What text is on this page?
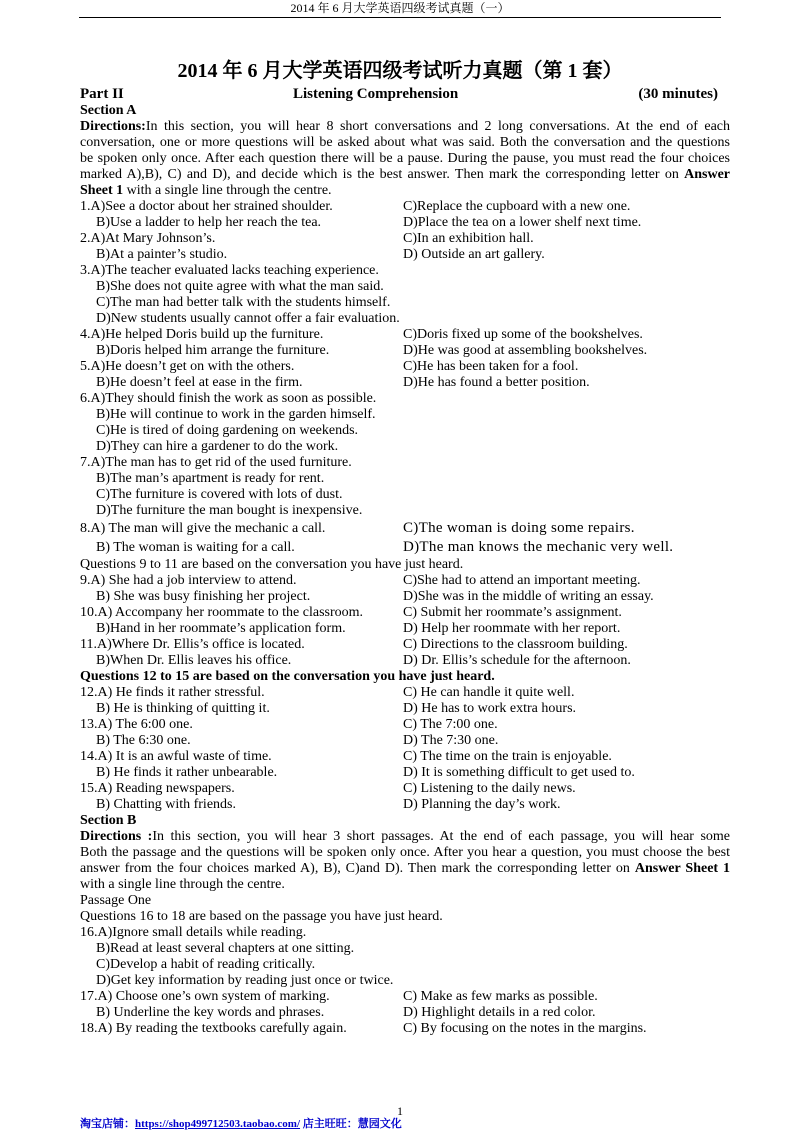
2014 年 6 月大学英语四级考试真题（一）
2014 年 6 月大学英语四级考试听力真题（第 1 套）
Part II	Listening Comprehension	(30 minutes)
Section A
Directions:In this section, you will hear 8 short conversations and 2 long conversations. At the end of each
conversation, one or more questions will be asked about what was said. Both the conversation and the questions
be spoken only once. After each question there will be a pause. During the pause, you must read the four choices
marked A),B), C) and D), and decide which is the best answer. Then mark the corresponding letter on Answer
Sheet 1 with a single line through the centre.
1.A)See a doctor about her strained shoulder.	C)Replace the cupboard with a new one.
B)Use a ladder to help her reach the tea.	D)Place the tea on a lower shelf next time.
2.A)At Mary Johnson’s.	C)In an exhibition hall.
B)At a painter’s studio.	D) Outside an art gallery.
3.A)The teacher evaluated lacks teaching experience.
B)She does not quite agree with what the man said.
C)The man had better talk with the students himself.
D)New students usually cannot offer a fair evaluation.
4.A)He helped Doris build up the furniture.	C)Doris fixed up some of the bookshelves.
B)Doris helped him arrange the furniture.	D)He was good at assembling bookshelves.
5.A)He doesn’t get on with the others.	C)He has been taken for a fool.
B)He doesn’t feel at ease in the firm.	D)He has found a better position.
6.A)They should finish the work as soon as possible.
B)He will continue to work in the garden himself.
C)He is tired of doing gardening on weekends.
D)They can hire a gardener to do the work.
7.A)The man has to get rid of the used furniture.
B)The man’s apartment is ready for rent.
C)The furniture is covered with lots of dust.
D)The furniture the man bought is inexpensive.
8.A) The man will give the mechanic a call.	C)The woman is doing some repairs.
B) The woman is waiting for a call.	D)The man knows the mechanic very well.
Questions 9 to 11 are based on the conversation you have just heard.
9.A) She had a job interview to attend.	C)She had to attend an important meeting.
B) She was busy finishing her project.	D)She was in the middle of writing an essay.
10.A) Accompany her roommate to the classroom.	C) Submit her roommate’s assignment.
B)Hand in her roommate’s application form.	D) Help her roommate with her report.
11.A)Where Dr. Ellis’s office is located.	C) Directions to the classroom building.
B)When Dr. Ellis leaves his office.	D) Dr. Ellis’s schedule for the afternoon.
Questions 12 to 15 are based on the conversation you have just heard.
12.A) He finds it rather stressful.	C) He can handle it quite well.
B) He is thinking of quitting it.	D) He has to work extra hours.
13.A) The 6:00 one.	C) The 7:00 one.
B) The 6:30 one.	D) The 7:30 one.
14.A) It is an awful waste of time.	C) The time on the train is enjoyable.
B) He finds it rather unbearable.	D) It is something difficult to get used to.
15.A) Reading newspapers.	C) Listening to the daily news.
B) Chatting with friends.	D) Planning the day’s work.
Section B
Directions :In this section, you will hear 3 short passages. At the end of each passage, you will hear some
Both the passage and the questions will be spoken only once. After you hear a question, you must choose the best
answer from the four choices marked A), B), C)and D). Then mark the corresponding letter on Answer Sheet 1
with a single line through the centre.
Passage One
Questions 16 to 18 are based on the passage you have just heard.
16.A)Ignore small details while reading.
B)Read at least several chapters at one sitting.
C)Develop a habit of reading critically.
D)Get key information by reading just once or twice.
17.A) Choose one’s own system of marking.	C) Make as few marks as possible.
B) Underline the key words and phrases.	D) Highlight details in a red color.
18.A) By reading the textbooks carefully again.	C) By focusing on the notes in the margins.
1
淘宝店铺：https://shop499712503.taobao.com/ 店主旺旺：慧园文化
